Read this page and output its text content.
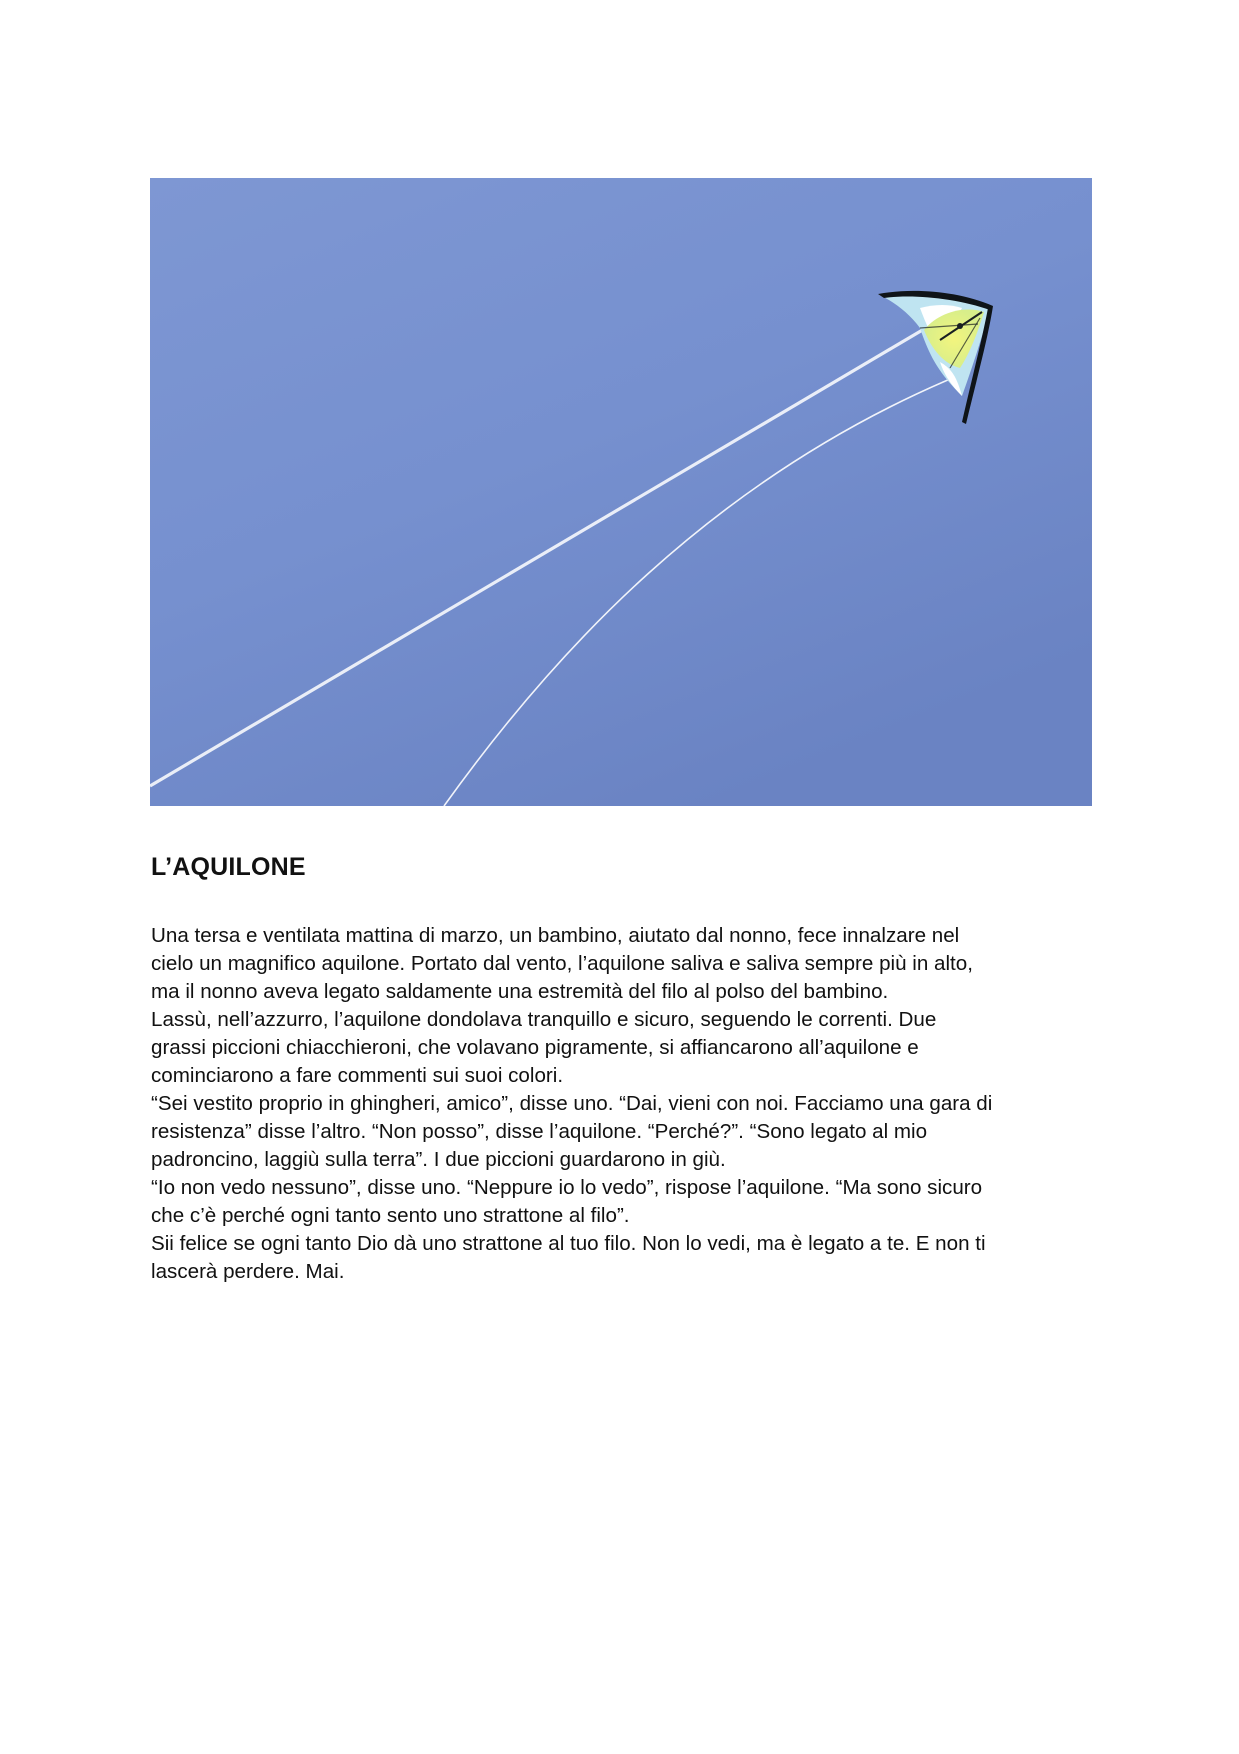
L’AQUILONE
Una tersa e ventilata mattina di marzo, un bambino, aiutato dal nonno, fece innalzare nel
cielo un magnifico aquilone. Portato dal vento, l’aquilone saliva e saliva sempre più in alto,
ma il nonno aveva legato saldamente una estremità del filo al polso del bambino.
Lassù, nell’azzurro, l’aquilone dondolava tranquillo e sicuro, seguendo le correnti. Due
grassi piccioni chiacchieroni, che volavano pigramente, si affiancarono all’aquilone e
cominciarono a fare commenti sui suoi colori.
“Sei vestito proprio in ghingheri, amico”, disse uno. “Dai, vieni con noi. Facciamo una gara di
resistenza” disse l’altro. “Non posso”, disse l’aquilone. “Perché?”. “Sono legato al mio
padroncino, laggiù sulla terra”. I due piccioni guardarono in giù.
“Io non vedo nessuno”, disse uno. “Neppure io lo vedo”, rispose l’aquilone. “Ma sono sicuro
che c’è perché ogni tanto sento uno strattone al filo”.
Sii felice se ogni tanto Dio dà uno strattone al tuo filo. Non lo vedi, ma è legato a te. E non ti
lascerà perdere. Mai.
